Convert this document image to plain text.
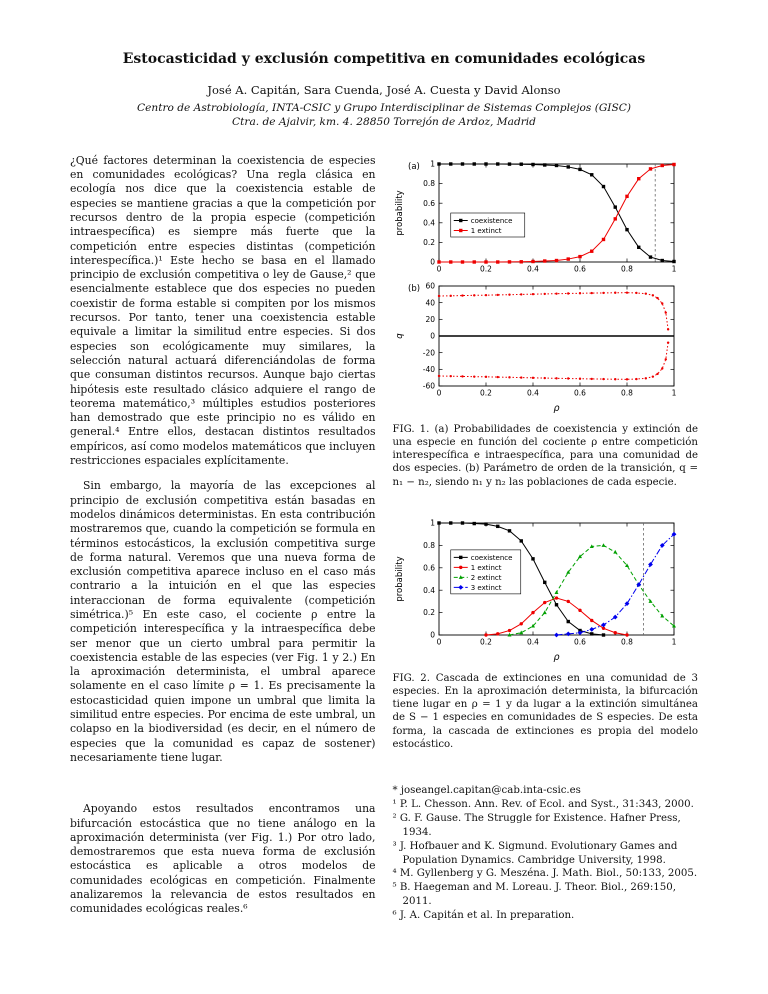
Estocasticidad y exclusión competitiva en comunidades ecológicas
José A. Capitán, Sara Cuenda, José A. Cuesta y David Alonso
Centro de Astrobiología, INTA-CSIC y Grupo Interdisciplinar de Sistemas Complejos (GISC)
Ctra. de Ajalvir, km. 4. 28850 Torrejón de Ardoz, Madrid

¿Qué factores determinan la coexistencia de especies en comunidades ecológicas? Una regla clásica en ecología nos dice que la coexistencia estable de especies se mantiene gracias a que la competición por recursos dentro de la propia especie (competición intraespecífica) es siempre más fuerte que la competición entre especies distintas (competición interespecífica.)¹ Este hecho se basa en el llamado principio de exclusión competitiva o ley de Gause,² que esencialmente establece que dos especies no pueden coexistir de forma estable si compiten por los mismos recursos. Por tanto, tener una coexistencia estable equivale a limitar la similitud entre especies. Si dos especies son ecológicamente muy similares, la selección natural actuará diferenciándolas de forma que consuman distintos recursos. Aunque bajo ciertas hipótesis este resultado clásico adquiere el rango de teorema matemático,³ múltiples estudios posteriores han demostrado que este principio no es válido en general.⁴ Entre ellos, destacan distintos resultados empíricos, así como modelos matemáticos que incluyen restricciones espaciales explícitamente.

Sin embargo, la mayoría de las excepciones al principio de exclusión competitiva están basadas en modelos dinámicos deterministas. En esta contribución mostraremos que, cuando la competición se formula en términos estocásticos, la exclusión competitiva surge de forma natural. Veremos que una nueva forma de exclusión competitiva aparece incluso en el caso más contrario a la intuición en el que las especies interaccionan de forma equivalente (competición simétrica.)⁵ En este caso, el cociente ρ entre la competición interespecífica y la intraespecífica debe ser menor que un cierto umbral para permitir la coexistencia estable de las especies (ver Fig. 1 y 2.) En la aproximación determinista, el umbral aparece solamente en el caso límite ρ = 1. Es precisamente la estocasticidad quien impone un umbral que limita la similitud entre especies. Por encima de este umbral, un colapso en la biodiversidad (es decir, en el número de especies que la comunidad es capaz de sostener) necesariamente tiene lugar.

Apoyando estos resultados encontramos una bifurcación estocástica que no tiene análogo en la aproximación determinista (ver Fig. 1.) Por otro lado, demostraremos que esta nueva forma de exclusión estocástica es aplicable a otros modelos de comunidades ecológicas en competición. Finalmente analizaremos la relevancia de estos resultados en comunidades ecológicas reales.⁶

0	0.2	0.4	0.6	0.8	1
0
0.2
0.4
0.6
0.8
1
coexistence
1 extinct
probability
(a)
0	0.2	0.4	0.6	0.8	1
-60
-40
-20
0
20
40
60
q
ρ
(b)

FIG. 1. (a) Probabilidades de coexistencia y extinción de una especie en función del cociente ρ entre competición interespecífica e intraespecífica, para una comunidad de dos especies. (b) Parámetro de orden de la transición, q = n₁ − n₂, siendo n₁ y n₂ las poblaciones de cada especie.

0	0.2	0.4	0.6	0.8	1
0
0.2
0.4
0.6
0.8
1
coexistence
1 extinct
2 extinct
3 extinct
probability
ρ

FIG. 2. Cascada de extinciones en una comunidad de 3 especies. En la aproximación determinista, la bifurcación tiene lugar en ρ = 1 y da lugar a la extinción simultánea de S − 1 especies en comunidades de S especies. De esta forma, la cascada de extinciones es propia del modelo estocástico.

* joseangel.capitan@cab.inta-csic.es
¹ P. L. Chesson. Ann. Rev. of Ecol. and Syst., 31:343, 2000.
² G. F. Gause. The Struggle for Existence. Hafner Press, 1934.
³ J. Hofbauer and K. Sigmund. Evolutionary Games and Population Dynamics. Cambridge University, 1998.
⁴ M. Gyllenberg y G. Meszéna. J. Math. Biol., 50:133, 2005.
⁵ B. Haegeman and M. Loreau. J. Theor. Biol., 269:150, 2011.
⁶ J. A. Capitán et al. In preparation.
